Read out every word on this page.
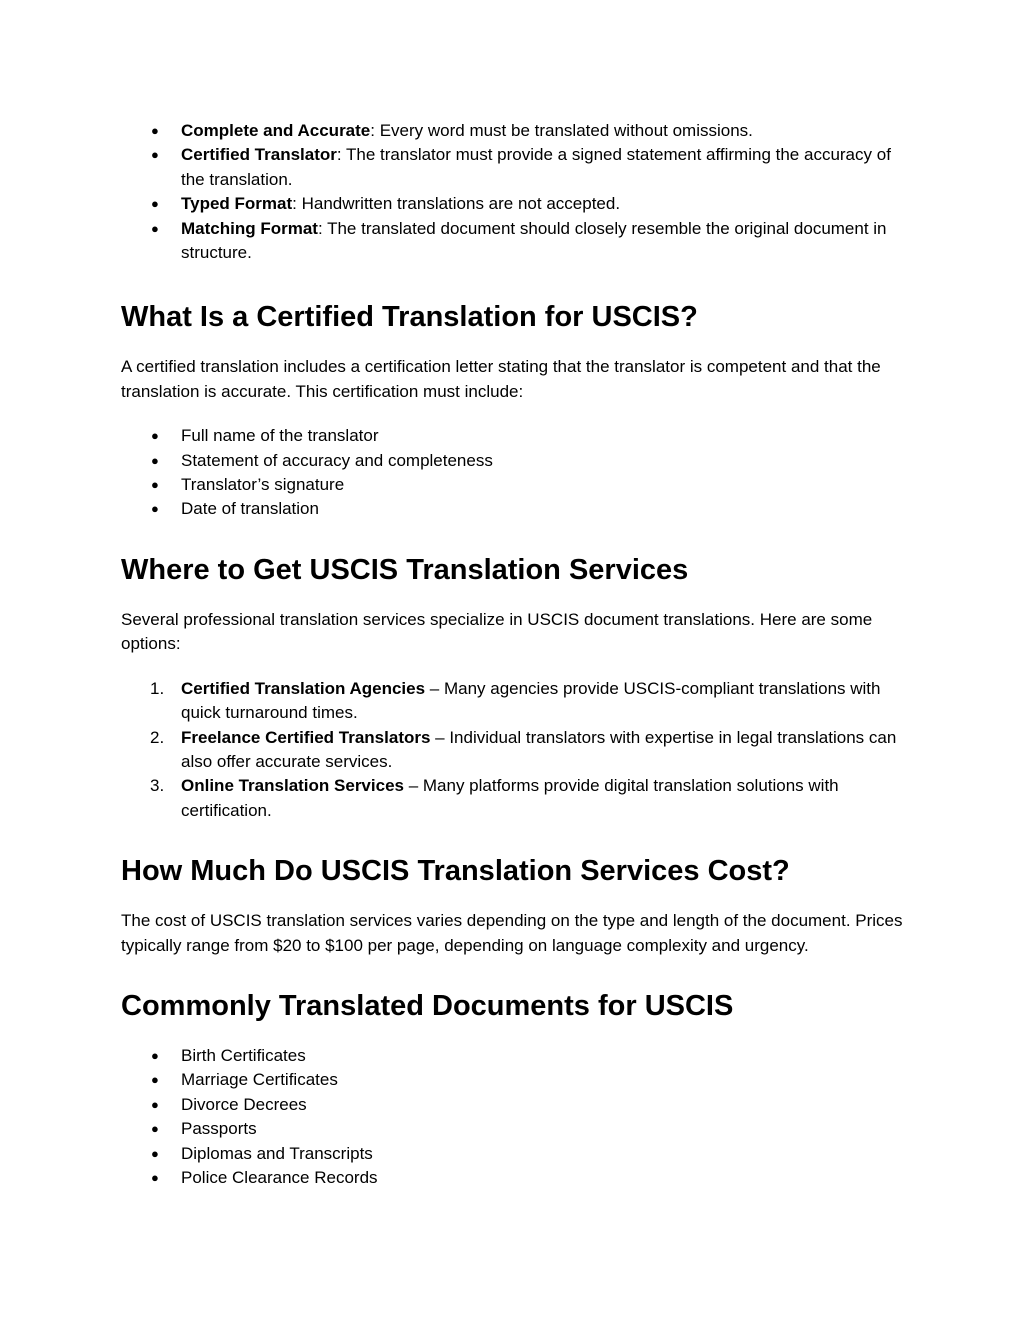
● Complete and Accurate: Every word must be translated without omissions.
● Certified Translator: The translator must provide a signed statement affirming the accuracy of the translation.
● Typed Format: Handwritten translations are not accepted.
● Matching Format: The translated document should closely resemble the original document in structure.
What Is a Certified Translation for USCIS?

A certified translation includes a certification letter stating that the translator is competent and that the translation is accurate. This certification must include:

● Full name of the translator
● Statement of accuracy and completeness
● Translator’s signature
● Date of translation
Where to Get USCIS Translation Services

Several professional translation services specialize in USCIS document translations. Here are some options:

1. Certified Translation Agencies – Many agencies provide USCIS-compliant translations with quick turnaround times.
2. Freelance Certified Translators – Individual translators with expertise in legal translations can also offer accurate services.
3. Online Translation Services – Many platforms provide digital translation solutions with certification.
How Much Do USCIS Translation Services Cost?

The cost of USCIS translation services varies depending on the type and length of the document. Prices typically range from $20 to $100 per page, depending on language complexity and urgency.

Commonly Translated Documents for USCIS
● Birth Certificates
● Marriage Certificates
● Divorce Decrees
● Passports
● Diplomas and Transcripts
● Police Clearance Records
